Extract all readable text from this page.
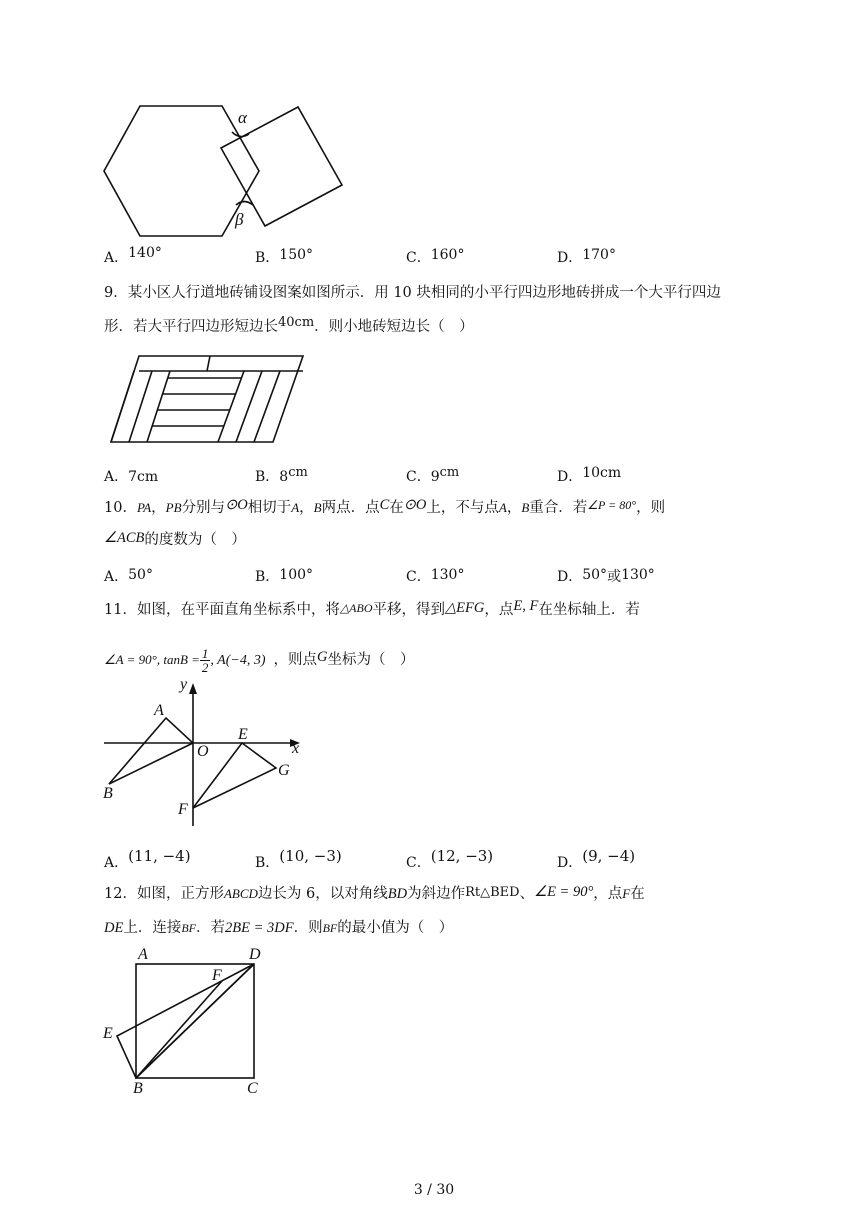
α
β
A．140°	B．150°	C．160°	D．170°
9．某小区人行道地砖铺设图案如图所示．用 10 块相同的小平行四边形地砖拼成一个大平行四边
形．若大平行四边形短边长40cm．则小地砖短边长（　）
A．7cm	B．8cm	C．9cm	D．10cm
10．PA，PB分别与⊙O相切于A，B两点．点C在⊙O上，不与点A，B重合．若$^{\angle P = 80^\circ}$，则
∠ACB的度数为（　）
A．50°	B．100°	C．130°	D．50°或130°
11．如图，在平面直角坐标系中，将△ABO平移，得到△EFG，点E, F在坐标轴上．若
∠A = 90°, $\tan B = \frac{1}{2}$ , A(−4, 3) ，则点G坐标为（　）
y
x
O
A
B
E
F
G
A．(11, −4)	B．(10, −3)	C．(12, −3)	D．(9, −4)
12．如图，正方形ABCD边长为 6，以对角线BD为斜边作Rt△BED、∠E = 90°，点F在
DE上．连接BF．若2BE = 3DF．则BF的最小值为（　）
A	D
F
E
B	C
3 / 30
